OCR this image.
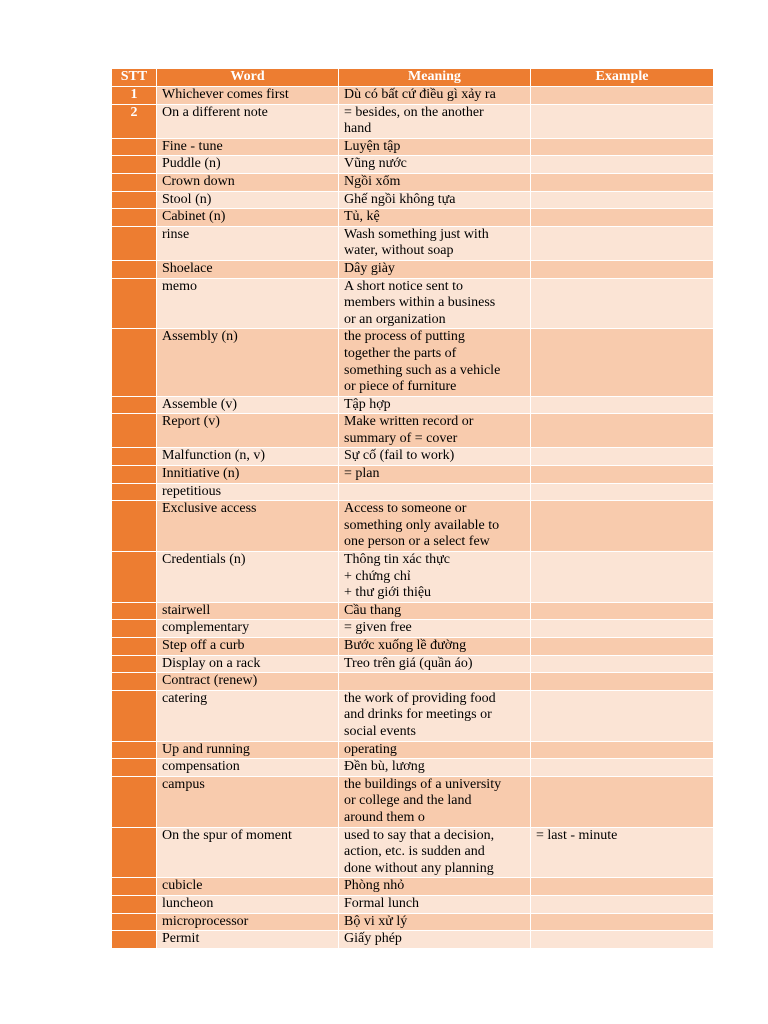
STT	Word	Meaning	Example
1	Whichever comes first	Dù có bất cứ điều gì xảy ra	
2	On a different note	= besides, on the another
hand	
	Fine - tune	Luyện tập	
	Puddle (n)	Vũng nước	
	Crown down	Ngồi xổm	
	Stool (n)	Ghế ngồi không tựa	
	Cabinet (n)	Tủ, kệ	
	rinse	Wash something just with
water, without soap	
	Shoelace	Dây giày	
	memo	A short notice sent to
members within a business
or an organization	
	Assembly (n)	the process of putting
together the parts of
something such as a vehicle
or piece of furniture	
	Assemble (v)	Tập hợp	
	Report (v)	Make written record or
summary of = cover	
	Malfunction (n, v)	Sự cố (fail to work)	
	Innitiative (n)	= plan	
	repetitious		
	Exclusive access	Access to someone or
something only available to
one person or a select few	
	Credentials (n)	Thông tin xác thực
+ chứng chỉ
+ thư giới thiệu	
	stairwell	Cầu thang	
	complementary	= given free	
	Step off a curb	Bước xuống lề đường	
	Display on a rack	Treo trên giá (quần áo)	
	Contract (renew)		
	catering	the work of providing food
and drinks for meetings or
social events	
	Up and running	operating	
	compensation	Đền bù, lương	
	campus	the buildings of a university
or college and the land
around them o	
	On the spur of moment	used to say that a decision,
action, etc. is sudden and
done without any planning	= last - minute
	cubicle	Phòng nhỏ	
	luncheon	Formal lunch	
	microprocessor	Bộ vi xử lý	
	Permit	Giấy phép	
